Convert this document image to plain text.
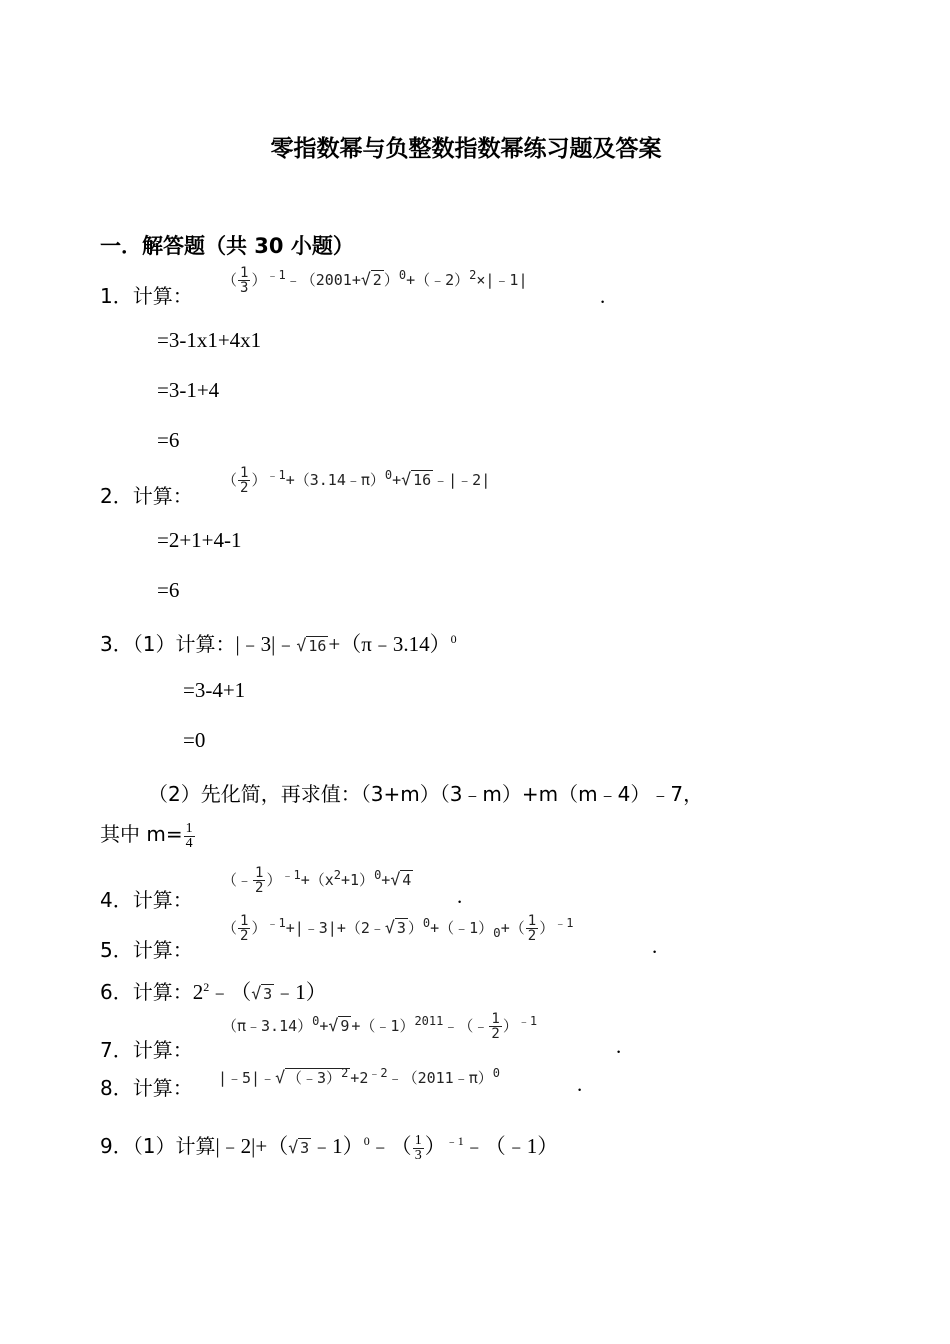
零指数幂与负整数指数幂练习题及答案
一．解答题（共 30 小题）
1．计算：
（ $\frac{1}{3}$ ）$^{﹣1}$﹣（2001+√ 2 ）$^0$+（﹣2）$^2$×|﹣1|
.
=3-1x1+4x1
=3-1+4
=6
2．计算：
（ $\frac{1}{2}$ ）$^{﹣1}$+（3.14﹣π）$^0$+√ 16 ﹣|﹣2|
=2+1+4-1
=6
3．（1）计算：|﹣3|﹣√ 16+（π﹣3.14）$^0$
=3-4+1
=0
（2）先化简，再求值：（3+m）（3﹣m）+m（m﹣4）﹣7，
其中 $m= \frac{1}{4}$
4．计算：
（﹣ $\frac{1}{2} )^{﹣1}+(x^2+1)^0+√$ 4
.
5．计算：
（ $\frac{1}{2}$ ）$^{﹣1}$+|﹣3|+（2﹣√ 3 ）$^0+(﹣1)_0+( \frac{1}{2} )^{﹣1}$
.
6．计算：$2^2﹣(√$ 3﹣1）
7．计算：
（π﹣3.14）$^0$+√ 9 +（﹣1）$^{2011}$﹣（﹣ $\frac{1}{2} )^{﹣1}$
.
8．计算： |﹣5|﹣√ （﹣3）$^2$ $+2^{﹣2}﹣(2011﹣\pi)^0$	.
9．（1）计算|﹣2|+（√ 3﹣1）$^0$﹣（ $\frac{1}{3}$ ）$^{﹣1}$﹣（﹣1）
